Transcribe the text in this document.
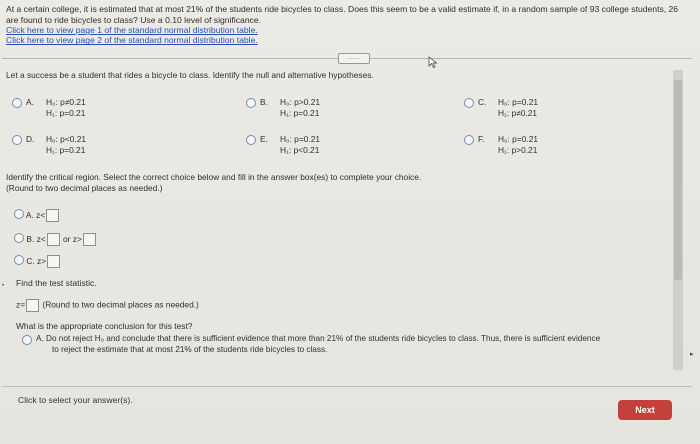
At a certain college, it is estimated that at most 21% of the students ride bicycles to class. Does this seem to be a valid estimate if, in a random sample of 93 college students, 26 are found to ride bicycles to class? Use a 0.10 level of significance.
Click here to view page 1 of the standard normal distribution table.
Click here to view page 2 of the standard normal distribution table.
.....
Let a success be a student that rides a bicycle to class. Identify the null and alternative hypotheses.
A. H₀: p≠0.21
H₁: p=0.21
B. H₀: p>0.21
H₁: p=0.21
C. H₀: p=0.21
H₁: p≠0.21
D. H₀: p<0.21
H₁: p=0.21
E. H₀: p=0.21
H₁: p<0.21
F. H₀: p=0.21
H₁: p>0.21
Identify the critical region. Select the correct choice below and fill in the answer box(es) to complete your choice.
(Round to two decimal places as needed.)
A. z<
B. z< or z>
C. z>
Find the test statistic.
z= (Round to two decimal places as needed.)
What is the appropriate conclusion for this test?
A. Do not reject H₀ and conclude that there is sufficient evidence that more than 21% of the students ride bicycles to class. Thus, there is sufficient evidence
to reject the estimate that at most 21% of the students ride bicycles to class.
▸
•
Click to select your answer(s).
Next
